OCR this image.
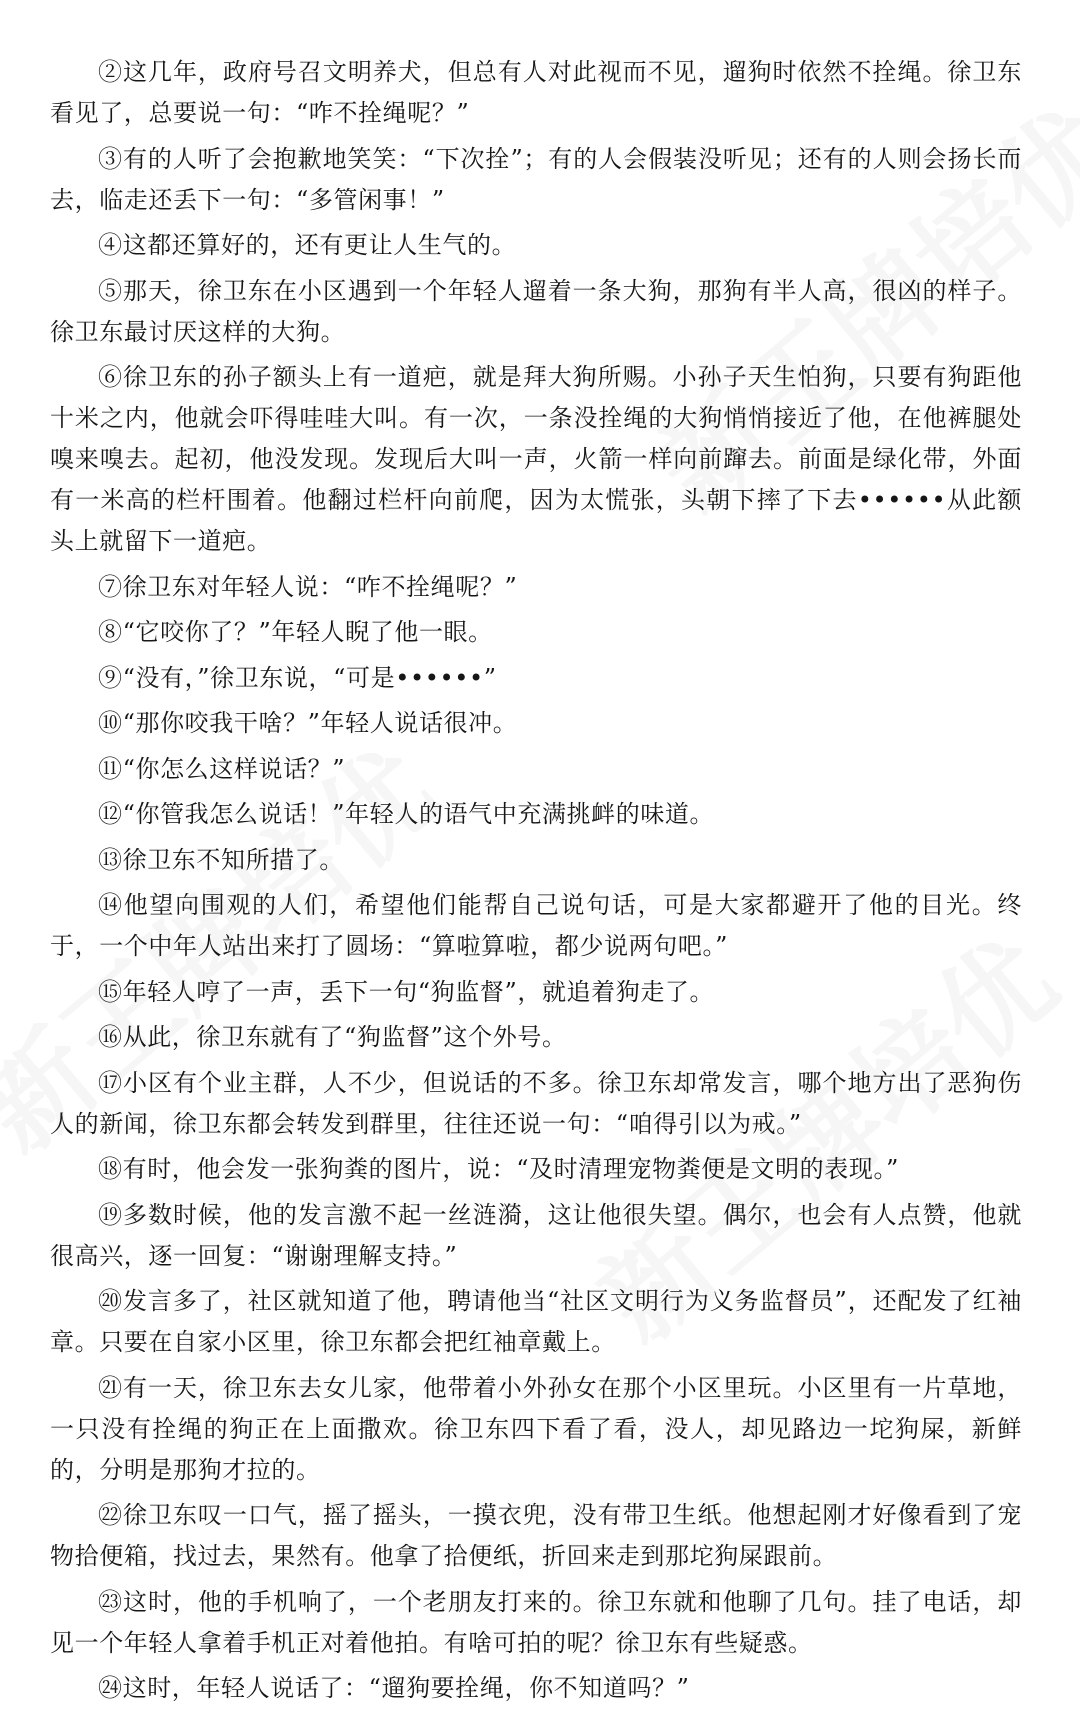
②这几年，政府号召文明养犬，但总有人对此视而不见，遛狗时依然不拴绳。徐卫东看见了，总要说一句：“咋不拴绳呢？”

③有的人听了会抱歉地笑笑：“下次拴”；有的人会假装没听见；还有的人则会扬长而去，临走还丢下一句：“多管闲事！”

④这都还算好的，还有更让人生气的。

⑤那天，徐卫东在小区遇到一个年轻人遛着一条大狗，那狗有半人高，很凶的样子。徐卫东最讨厌这样的大狗。

⑥徐卫东的孙子额头上有一道疤，就是拜大狗所赐。小孙子天生怕狗，只要有狗距他十米之内，他就会吓得哇哇大叫。有一次，一条没拴绳的大狗悄悄接近了他，在他裤腿处嗅来嗅去。起初，他没发现。发现后大叫一声，火箭一样向前蹿去。前面是绿化带，外面有一米高的栏杆围着。他翻过栏杆向前爬，因为太慌张，头朝下摔了下去••••••从此额头上就留下一道疤。

⑦徐卫东对年轻人说：“咋不拴绳呢？”

⑧“它咬你了？”年轻人睨了他一眼。

⑨“没有，”徐卫东说，“可是••••••”

⑩“那你咬我干啥？”年轻人说话很冲。

⑪“你怎么这样说话？”

⑫“你管我怎么说话！”年轻人的语气中充满挑衅的味道。

⑬徐卫东不知所措了。

⑭他望向围观的人们，希望他们能帮自己说句话，可是大家都避开了他的目光。终于，一个中年人站出来打了圆场：“算啦算啦，都少说两句吧。”

⑮年轻人哼了一声，丢下一句“狗监督”，就追着狗走了。

⑯从此，徐卫东就有了“狗监督”这个外号。

⑰小区有个业主群，人不少，但说话的不多。徐卫东却常发言，哪个地方出了恶狗伤人的新闻，徐卫东都会转发到群里，往往还说一句：“咱得引以为戒。”

⑱有时，他会发一张狗粪的图片，说：“及时清理宠物粪便是文明的表现。”

⑲多数时候，他的发言激不起一丝涟漪，这让他很失望。偶尔，也会有人点赞，他就很高兴，逐一回复：“谢谢理解支持。”

⑳发言多了，社区就知道了他，聘请他当“社区文明行为义务监督员”，还配发了红袖章。只要在自家小区里，徐卫东都会把红袖章戴上。

㉑有一天，徐卫东去女儿家，他带着小外孙女在那个小区里玩。小区里有一片草地，一只没有拴绳的狗正在上面撒欢。徐卫东四下看了看，没人，却见路边一坨狗屎，新鲜的，分明是那狗才拉的。

㉒徐卫东叹一口气，摇了摇头，一摸衣兜，没有带卫生纸。他想起刚才好像看到了宠物拾便箱，找过去，果然有。他拿了拾便纸，折回来走到那坨狗屎跟前。

㉓这时，他的手机响了，一个老朋友打来的。徐卫东就和他聊了几句。挂了电话，却见一个年轻人拿着手机正对着他拍。有啥可拍的呢？徐卫东有些疑惑。

㉔这时，年轻人说话了：“遛狗要拴绳，你不知道吗？”
